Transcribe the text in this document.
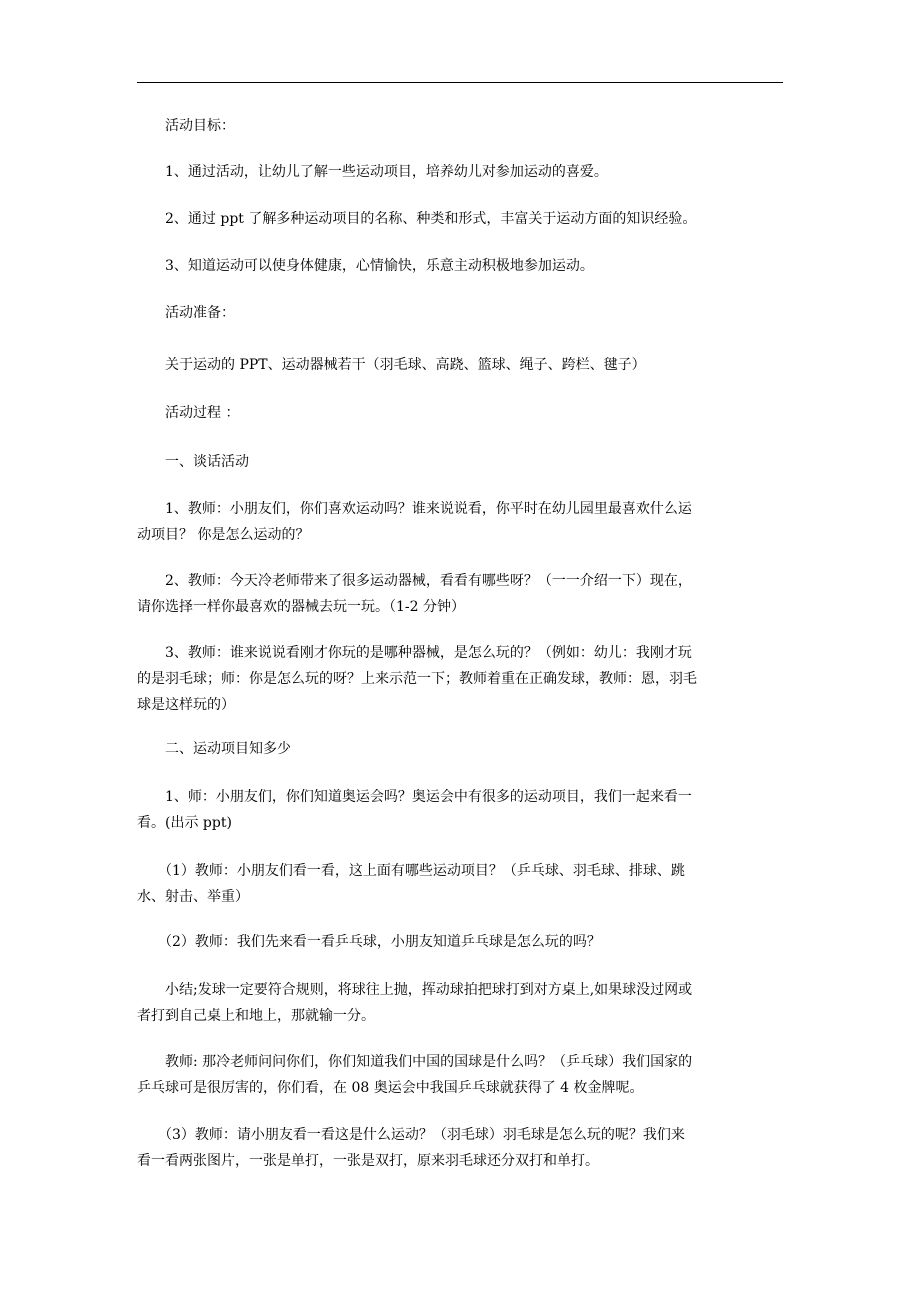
　　活动目标：
　　1、通过活动，让幼儿了解一些运动项目，培养幼儿对参加运动的喜爱。
　　2、通过 ppt 了解多种运动项目的名称、种类和形式，丰富关于运动方面的知识经验。
　　3、知道运动可以使身体健康，心情愉快，乐意主动积极地参加运动。
　　活动准备：
　　关于运动的 PPT、运动器械若干（羽毛球、高跷、篮球、绳子、跨栏、毽子）
　　活动过程 ：
　　一、谈话活动
　　1、教师：小朋友们，你们喜欢运动吗？谁来说说看，你平时在幼儿园里最喜欢什么运
动项目？ 你是怎么运动的？
　　2、教师：今天冷老师带来了很多运动器械，看看有哪些呀？（一一介绍一下）现在，
请你选择一样你最喜欢的器械去玩一玩。（1-2 分钟）
　　3、教师：谁来说说看刚才你玩的是哪种器械，是怎么玩的？（例如：幼儿：我刚才玩
的是羽毛球；师：你是怎么玩的呀？上来示范一下；教师着重在正确发球，教师：恩，羽毛
球是这样玩的）
　　二、运动项目知多少
　　1、师：小朋友们，你们知道奥运会吗？奥运会中有很多的运动项目，我们一起来看一
看。(出示 ppt)
　　（1）教师：小朋友们看一看，这上面有哪些运动项目？（乒乓球、羽毛球、排球、跳
水、射击、举重）
　　（2）教师：我们先来看一看乒乓球，小朋友知道乒乓球是怎么玩的吗？
　　小结;发球一定要符合规则，将球往上抛，挥动球拍把球打到对方桌上,如果球没过网或
者打到自己桌上和地上，那就输一分。
　　教师: 那冷老师问问你们，你们知道我们中国的国球是什么吗？（乒乓球）我们国家的
乒乓球可是很厉害的，你们看，在 08 奥运会中我国乒乓球就获得了 4 枚金牌呢。
　　（3）教师：请小朋友看一看这是什么运动？（羽毛球）羽毛球是怎么玩的呢？我们来
看一看两张图片，一张是单打，一张是双打，原来羽毛球还分双打和单打。
